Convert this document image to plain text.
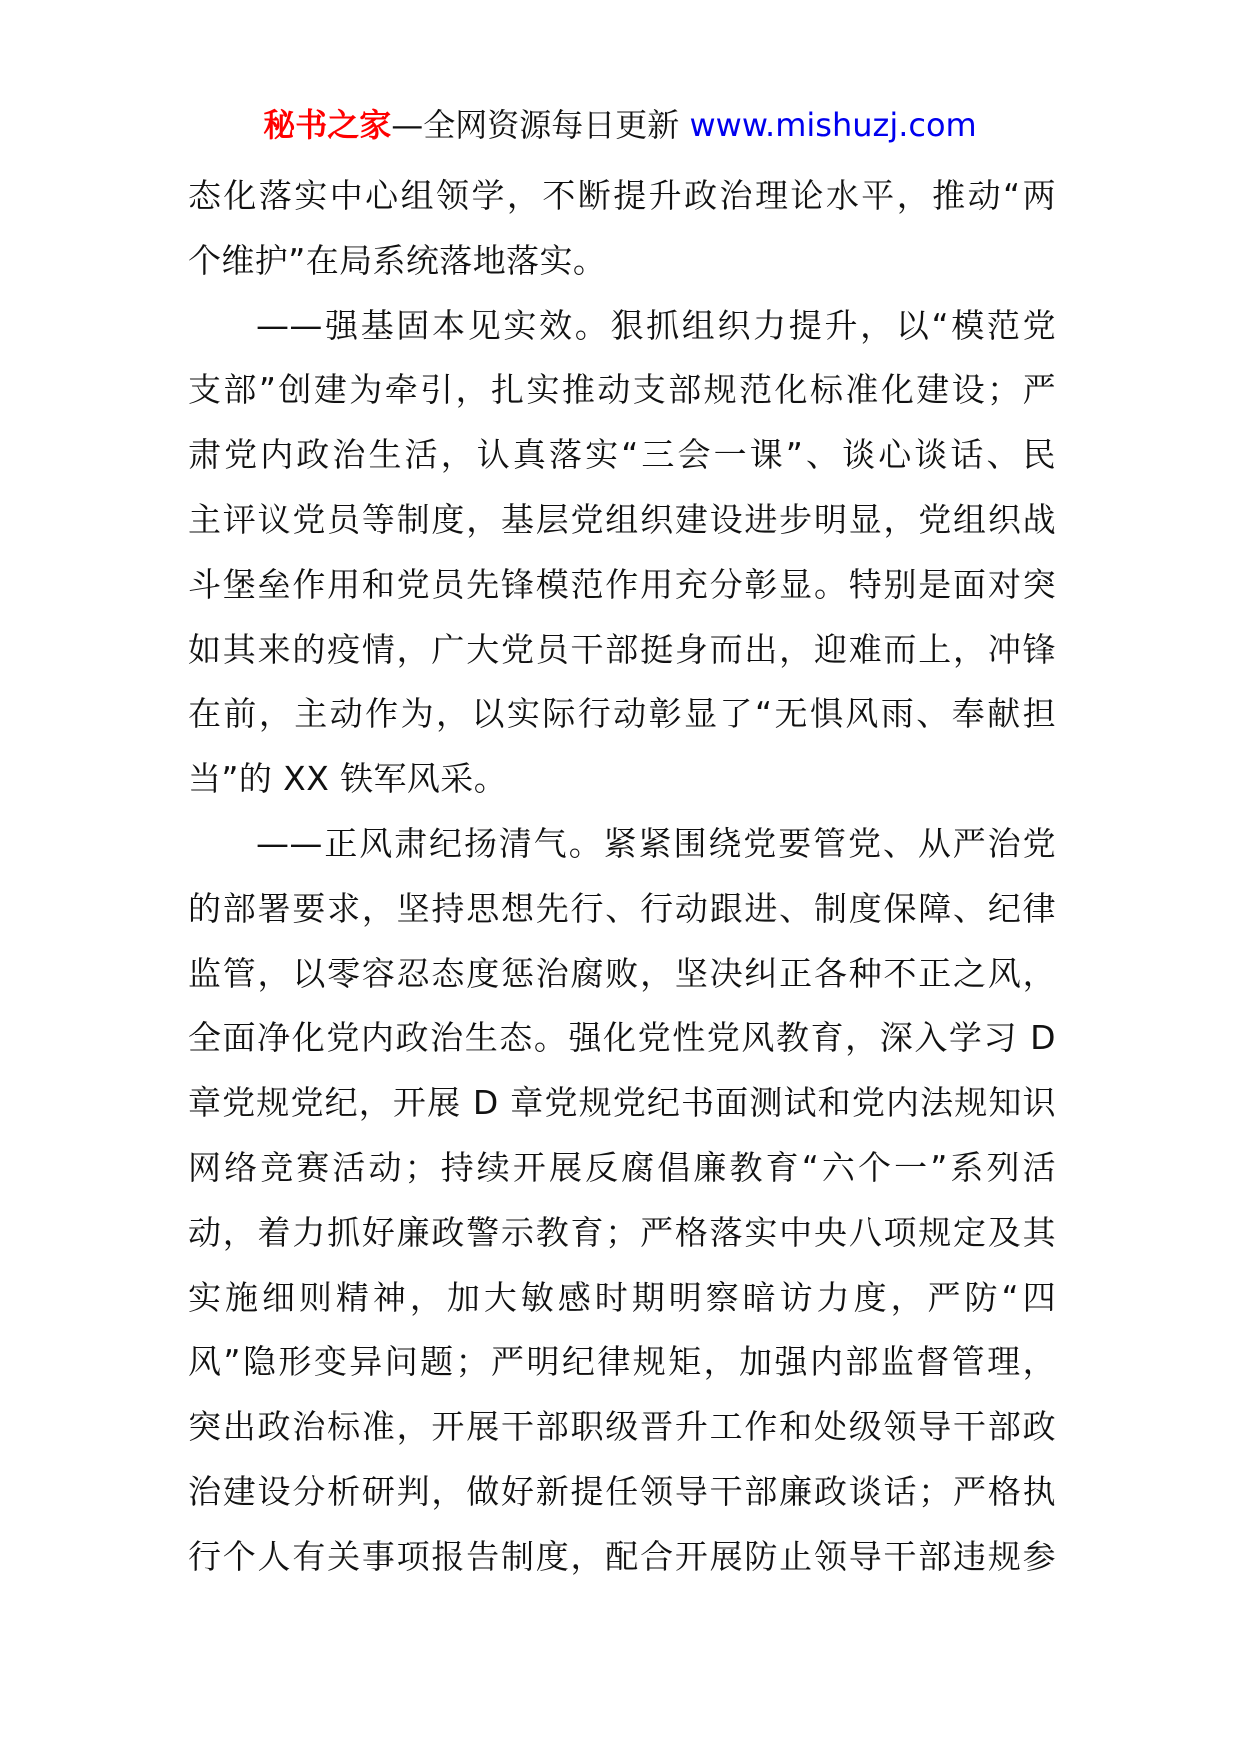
秘书之家—全网资源每日更新 www.mishuzj.com
态化落实中心组领学，不断提升政治理论水平，推动“两
个维护”在局系统落地落实。
——强基固本见实效。狠抓组织力提升，以“模范党
支部”创建为牵引，扎实推动支部规范化标准化建设；严
肃党内政治生活，认真落实“三会一课”、谈心谈话、民
主评议党员等制度，基层党组织建设进步明显，党组织战
斗堡垒作用和党员先锋模范作用充分彰显。特别是面对突
如其来的疫情，广大党员干部挺身而出，迎难而上，冲锋
在前，主动作为，以实际行动彰显了“无惧风雨、奉献担
当”的 XX 铁军风采。
——正风肃纪扬清气。紧紧围绕党要管党、从严治党
的部署要求，坚持思想先行、行动跟进、制度保障、纪律
监管，以零容忍态度惩治腐败，坚决纠正各种不正之风，
全面净化党内政治生态。强化党性党风教育，深入学习 D
章党规党纪，开展 D 章党规党纪书面测试和党内法规知识
网络竞赛活动；持续开展反腐倡廉教育“六个一”系列活
动，着力抓好廉政警示教育；严格落实中央八项规定及其
实施细则精神，加大敏感时期明察暗访力度，严防“四
风”隐形变异问题；严明纪律规矩，加强内部监督管理，
突出政治标准，开展干部职级晋升工作和处级领导干部政
治建设分析研判，做好新提任领导干部廉政谈话；严格执
行个人有关事项报告制度，配合开展防止领导干部违规参
